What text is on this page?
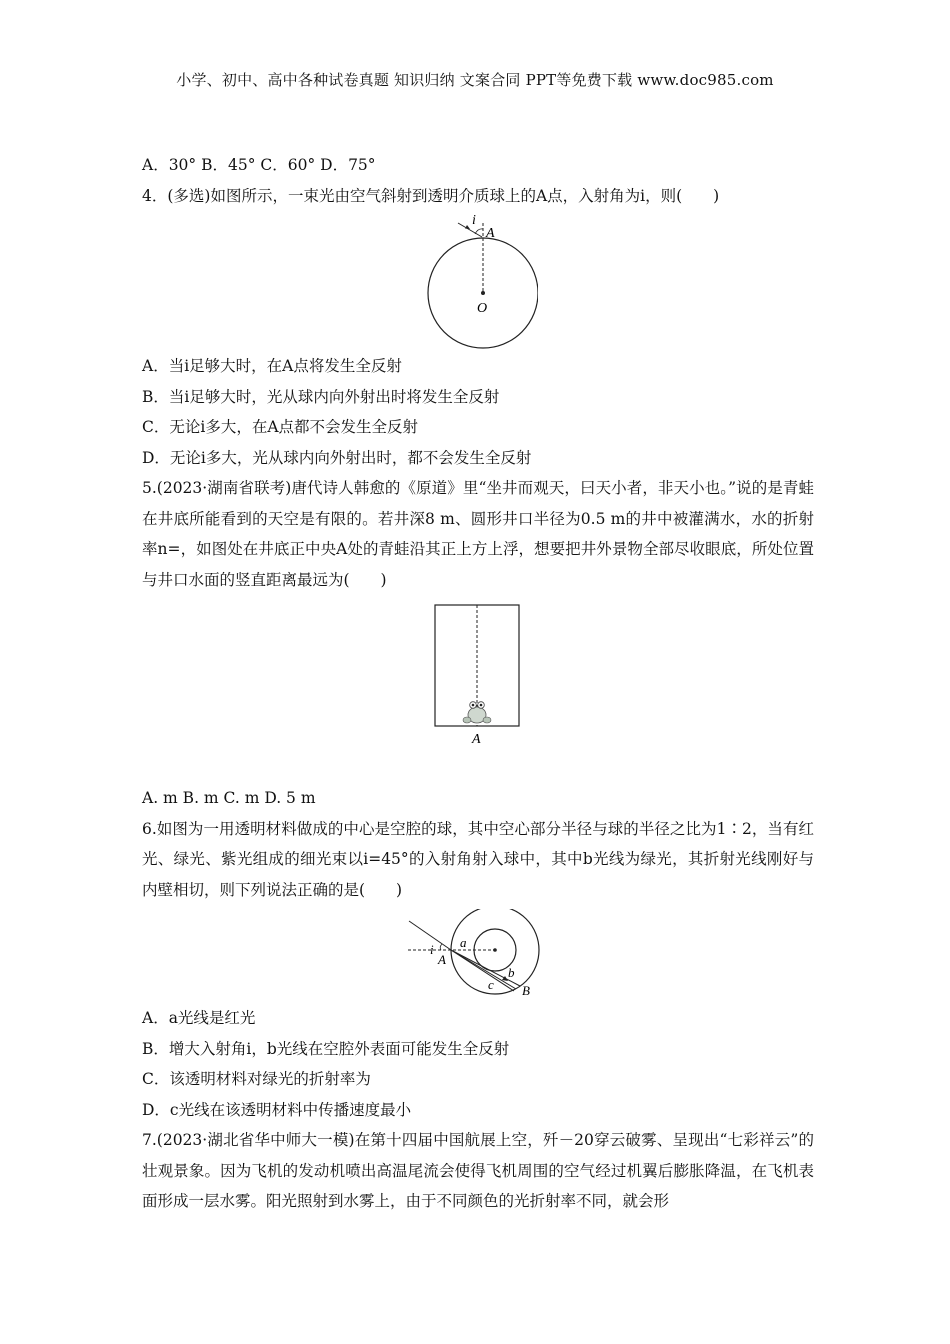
小学、初中、高中各种试卷真题 知识归纳 文案合同 PPT等免费下载 www.doc985.com
A．30° B．45° C．60° D．75°
4．(多选)如图所示，一束光由空气斜射到透明介质球上的A点，入射角为i，则(　　)
i
A
O
A．当i足够大时，在A点将发生全反射
B．当i足够大时，光从球内向外射出时将发生全反射
C．无论i多大，在A点都不会发生全反射
D．无论i多大，光从球内向外射出时，都不会发生全反射
5.(2023·湖南省联考)唐代诗人韩愈的《原道》里“坐井而观天，曰天小者，非天小也。”说的是青蛙在井底所能看到的天空是有限的。若井深8 m、圆形井口半径为0.5 m的井中被灌满水，水的折射率n=，如图处在井底正中央A处的青蛙沿其正上方上浮，想要把井外景物全部尽收眼底，所处位置与井口水面的竖直距离最远为(　　)
A
A. m B. m C. m D. 5 m
6.如图为一用透明材料做成的中心是空腔的球，其中空心部分半径与球的半径之比为1∶2，当有红光、绿光、紫光组成的细光束以i=45°的入射角射入球中，其中b光线为绿光，其折射光线刚好与内壁相切，则下列说法正确的是(　　)
i a
A
b
c B
A．a光线是红光
B．增大入射角i，b光线在空腔外表面可能发生全反射
C．该透明材料对绿光的折射率为
D．c光线在该透明材料中传播速度最小
7.(2023·湖北省华中师大一模)在第十四届中国航展上空，歼－20穿云破雾、呈现出“七彩祥云”的壮观景象。因为飞机的发动机喷出高温尾流会使得飞机周围的空气经过机翼后膨胀降温，在飞机表面形成一层水雾。阳光照射到水雾上，由于不同颜色的光折射率不同，就会形
